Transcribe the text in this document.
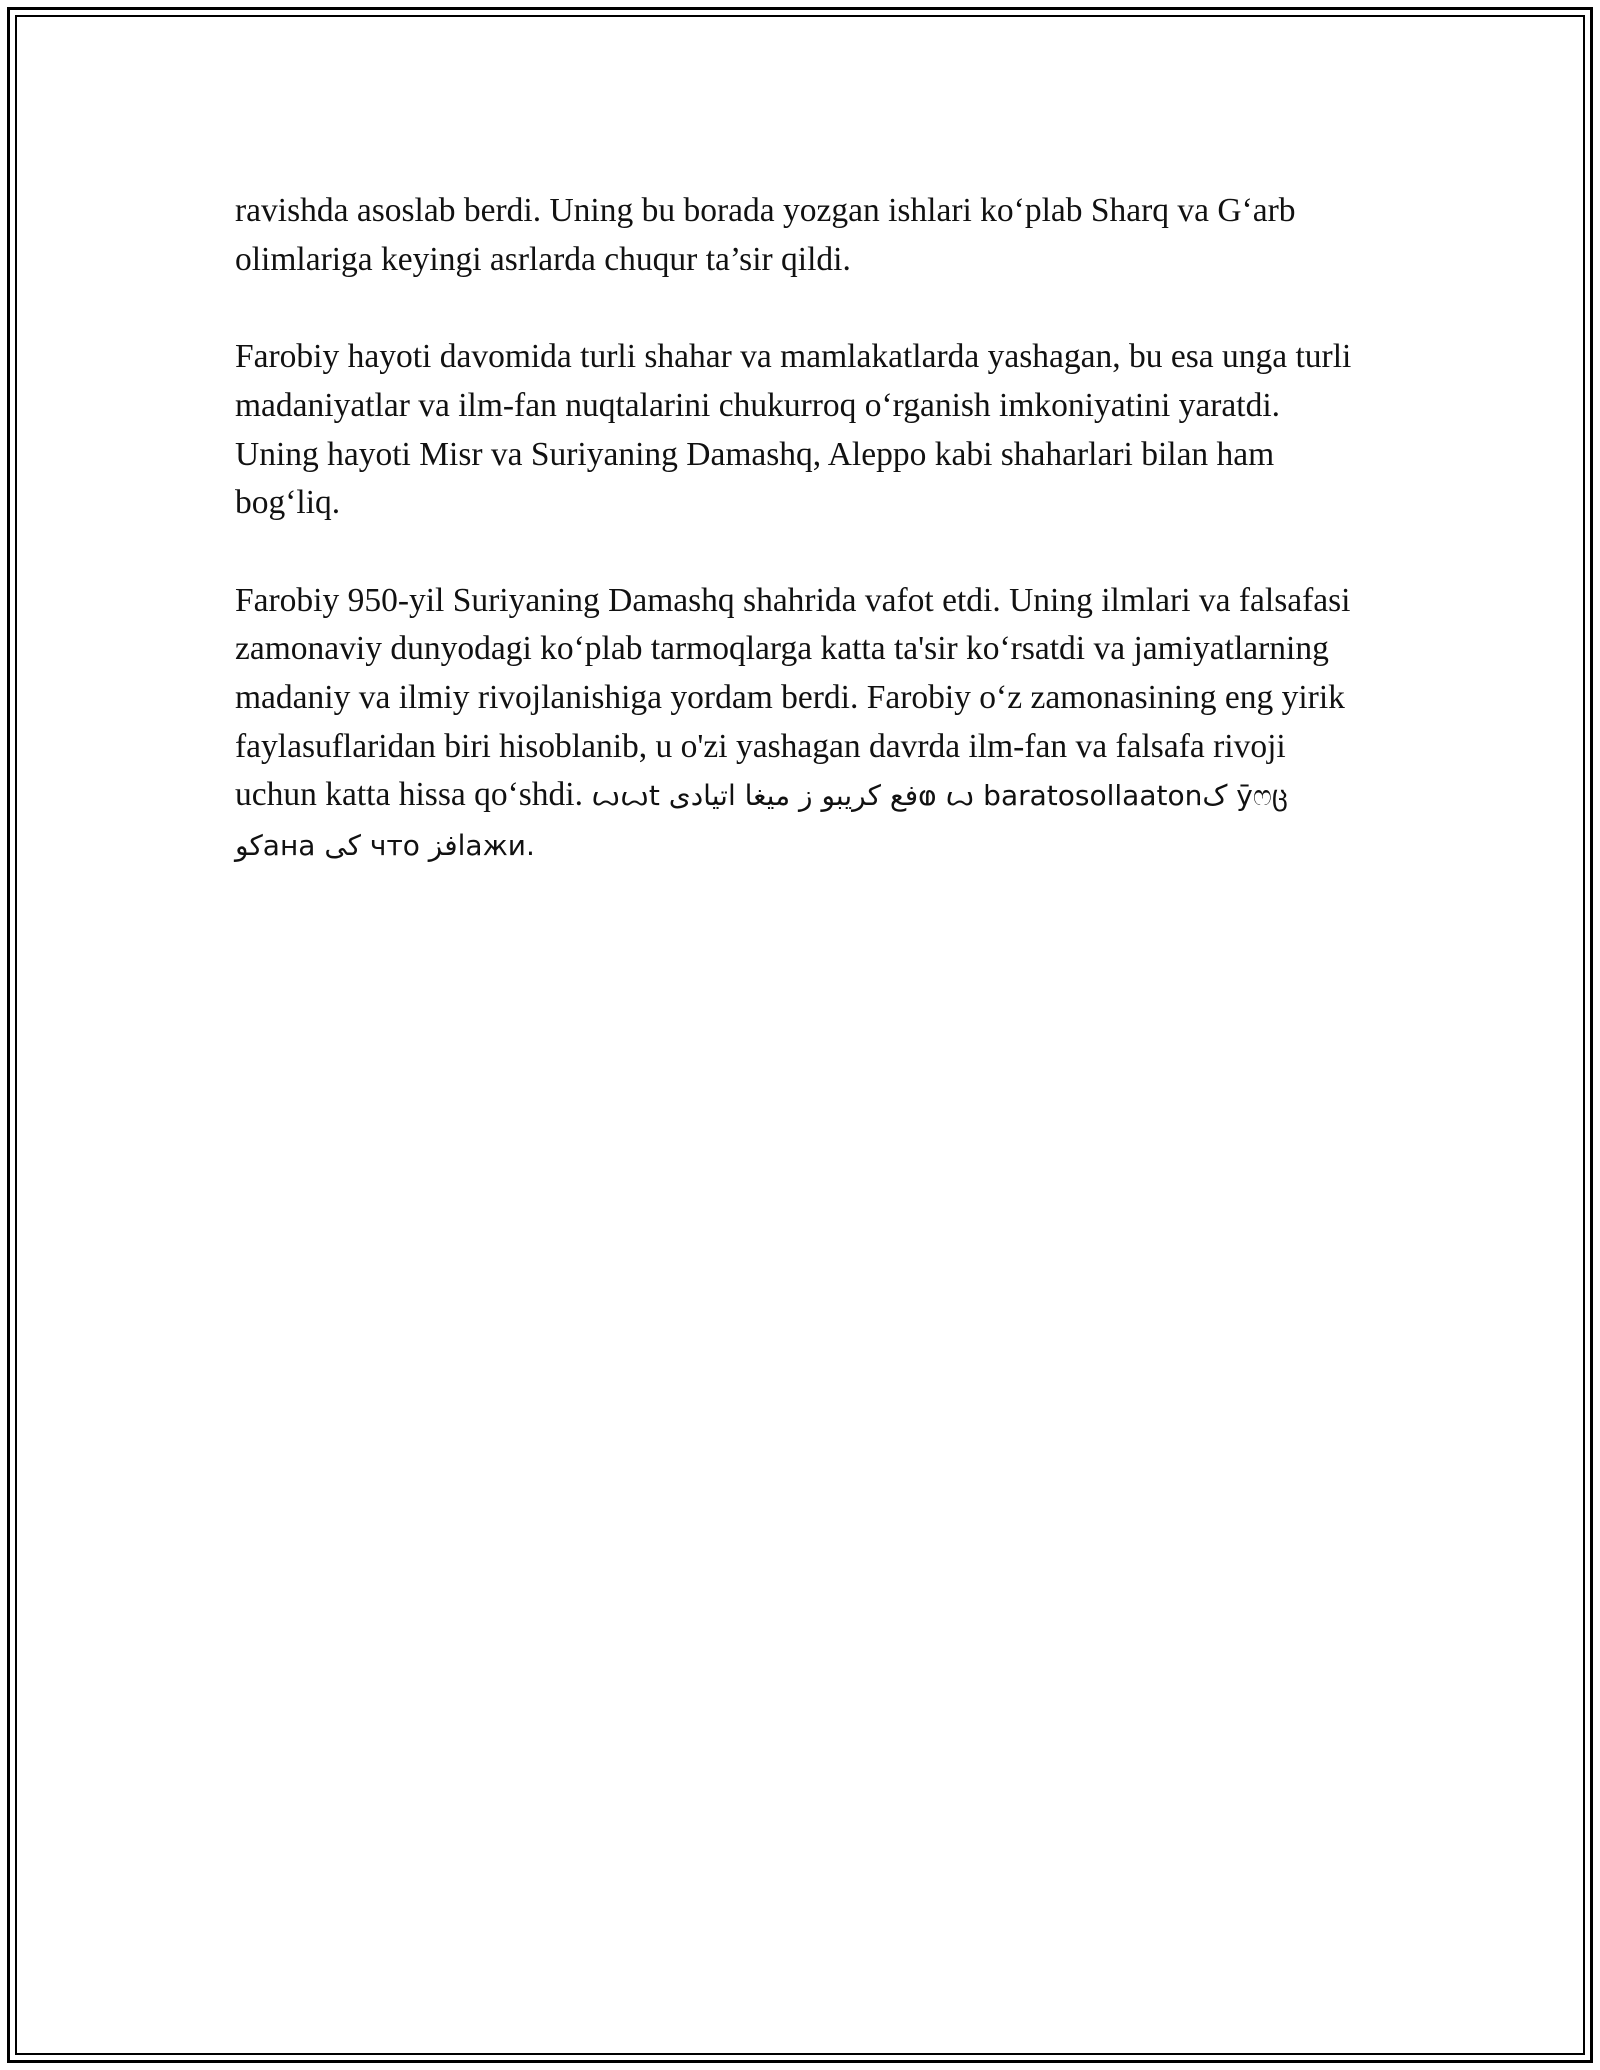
ravishda asoslab berdi. Uning bu borada yozgan ishlari ko‘plab Sharq va G‘arb olimlariga keyingi asrlarda chuqur ta’sir qildi.

Farobiy hayoti davomida turli shahar va mamlakatlarda yashagan, bu esa unga turli madaniyatlar va ilm-fan nuqtalarini chukurroq o‘rganish imkoniyatini yaratdi. Uning hayoti Misr va Suriyaning Damashq, Aleppo kabi shaharlari bilan ham bog‘liq.

Farobiy 950-yil Suriyaning Damashq shahrida vafot etdi. Uning ilmlari va falsafasi zamonaviy dunyodagi ko‘plab tarmoqlarga katta ta'sir ko‘rsatdi va jamiyatlarning madaniy va ilmiy rivojlanishiga yordam berdi. Farobiy o‘z zamonasining eng yirik faylasuflaridan biri hisoblanib, u o'zi yashagan davrda ilm-fan va falsafa rivoji uchun katta hissa qo‘shdi. ꙍꙍt فع كريبو ز ميغا اتيادیⱷ ꙍ baratosollaatonک ȳෆც كوана کی что افزажи.
